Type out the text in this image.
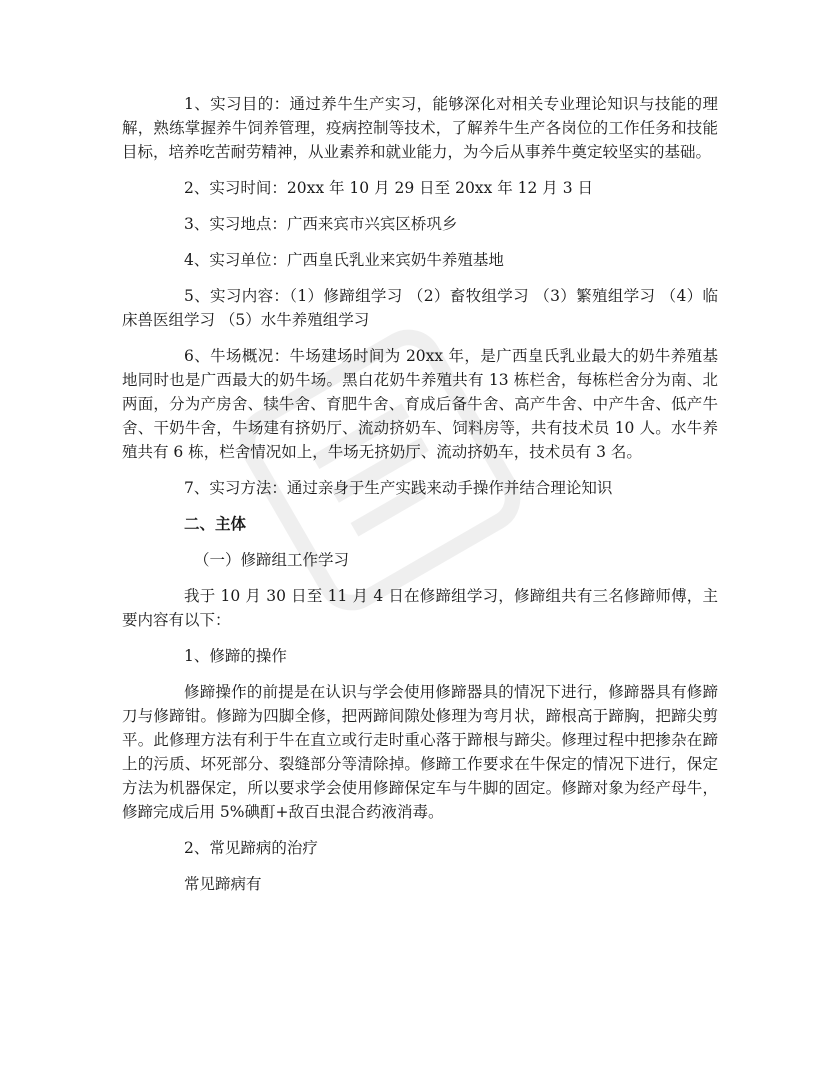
1、实习目的：通过养牛生产实习，能够深化对相关专业理论知识与技能的理解，熟练掌握养牛饲养管理，疫病控制等技术，了解养牛生产各岗位的工作任务和技能目标，培养吃苦耐劳精神，从业素养和就业能力，为今后从事养牛奠定较坚实的基础。

2、实习时间：20xx 年 10 月 29 日至 20xx 年 12 月 3 日

3、实习地点：广西来宾市兴宾区桥巩乡

4、实习单位：广西皇氏乳业来宾奶牛养殖基地

5、实习内容：（1）修蹄组学习 （2）畜牧组学习 （3）繁殖组学习 （4）临床兽医组学习 （5）水牛养殖组学习

6、牛场概况：牛场建场时间为 20xx 年，是广西皇氏乳业最大的奶牛养殖基地同时也是广西最大的奶牛场。黑白花奶牛养殖共有 13 栋栏舍，每栋栏舍分为南、北两面，分为产房舍、犊牛舍、育肥牛舍、育成后备牛舍、高产牛舍、中产牛舍、低产牛舍、干奶牛舍，牛场建有挤奶厅、流动挤奶车、饲料房等，共有技术员 10 人。水牛养殖共有 6 栋，栏舍情况如上，牛场无挤奶厅、流动挤奶车，技术员有 3 名。

7、实习方法：通过亲身于生产实践来动手操作并结合理论知识

二、主体

（一）修蹄组工作学习

我于 10 月 30 日至 11 月 4 日在修蹄组学习，修蹄组共有三名修蹄师傅，主要内容有以下：

1、修蹄的操作

修蹄操作的前提是在认识与学会使用修蹄器具的情况下进行，修蹄器具有修蹄刀与修蹄钳。修蹄为四脚全修，把两蹄间隙处修理为弯月状，蹄根高于蹄胸，把蹄尖剪平。此修理方法有利于牛在直立或行走时重心落于蹄根与蹄尖。修理过程中把掺杂在蹄上的污质、坏死部分、裂缝部分等清除掉。修蹄工作要求在牛保定的情况下进行，保定方法为机器保定，所以要求学会使用修蹄保定车与牛脚的固定。修蹄对象为经产母牛，修蹄完成后用 5%碘酊+敌百虫混合药液消毒。

2、常见蹄病的治疗

常见蹄病有
